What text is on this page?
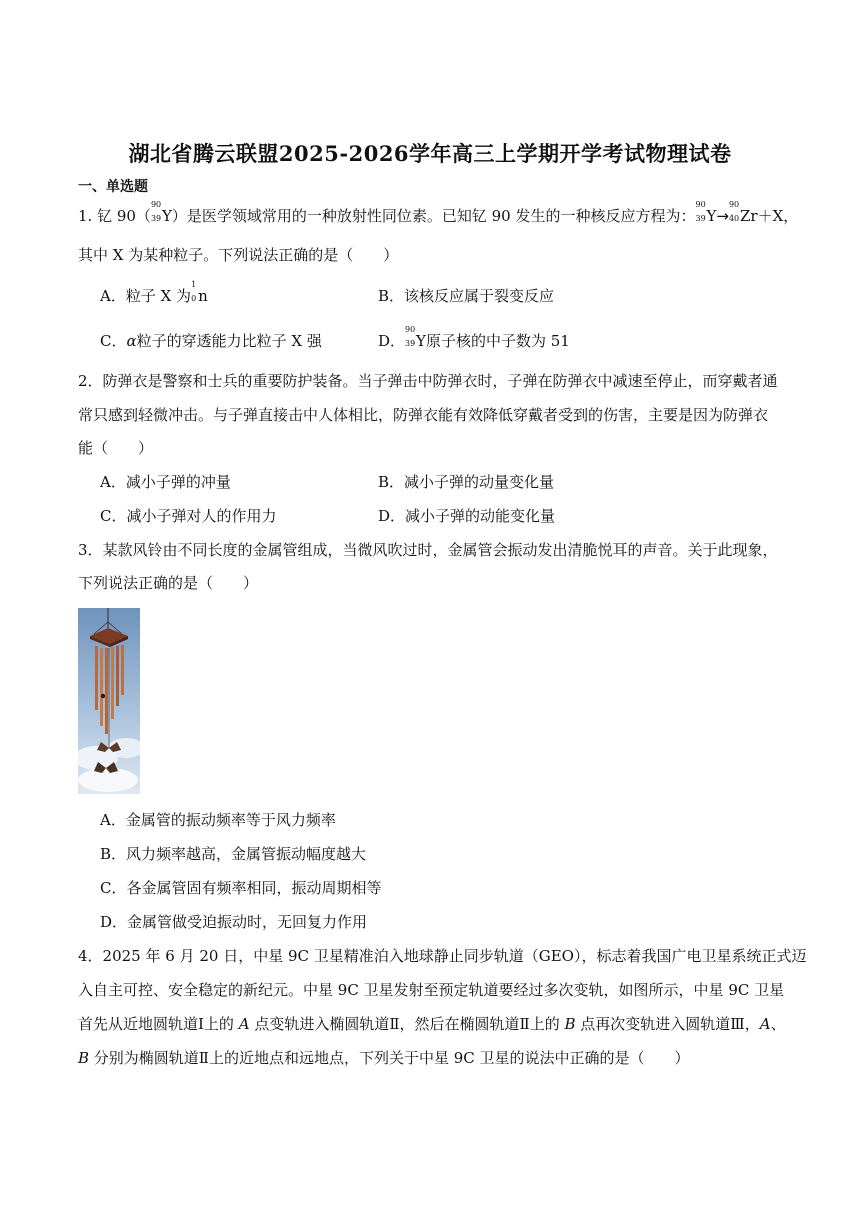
湖北省腾云联盟2025-2026学年高三上学期开学考试物理试卷
一、单选题
1. 钇 90（
90
39 Y）是医学领域常用的一种放射性同位素。已知钇 90 发生的一种核反应方程为：
90
39 Y→
90
40 Zr＋X，
其中 X 为某种粒子。下列说法正确的是（　　）
A．粒子 X 为
1
0 n	B．该核反应属于裂变反应
C．α粒子的穿透能力比粒子 X 强	D．
90
39 Y原子核的中子数为 51
2．防弹衣是警察和士兵的重要防护装备。当子弹击中防弹衣时，子弹在防弹衣中减速至停止，而穿戴者通
常只感到轻微冲击。与子弹直接击中人体相比，防弹衣能有效降低穿戴者受到的伤害，主要是因为防弹衣
能（　　）
A．减小子弹的冲量	B．减小子弹的动量变化量
C．减小子弹对人的作用力	D．减小子弹的动能变化量
3．某款风铃由不同长度的金属管组成，当微风吹过时，金属管会振动发出清脆悦耳的声音。关于此现象，
下列说法正确的是（　　）
A．金属管的振动频率等于风力频率
B．风力频率越高，金属管振动幅度越大
C．各金属管固有频率相同，振动周期相等
D．金属管做受迫振动时，无回复力作用
4．2025 年 6 月 20 日，中星 9C 卫星精准泊入地球静止同步轨道（GEO），标志着我国广电卫星系统正式迈
入自主可控、安全稳定的新纪元。中星 9C 卫星发射至预定轨道要经过多次变轨，如图所示，中星 9C 卫星
首先从近地圆轨道Ⅰ上的 A 点变轨进入椭圆轨道Ⅱ，然后在椭圆轨道Ⅱ上的 B 点再次变轨进入圆轨道Ⅲ，A、
B 分别为椭圆轨道Ⅱ上的近地点和远地点，下列关于中星 9C 卫星的说法中正确的是（　　）
